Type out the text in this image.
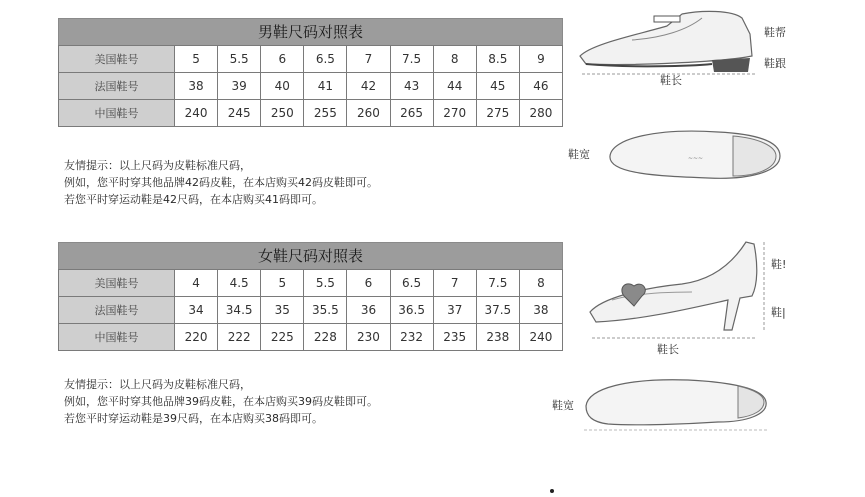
男鞋尺码对照表
美国鞋号	5	5.5	6	6.5	7	7.5	8	8.5	9
法国鞋号	38	39	40	41	42	43	44	45	46
中国鞋号	240	245	250	255	260	265	270	275	280
友情提示：以上尺码为皮鞋标准尺码，
例如，您平时穿其他品牌42码皮鞋，在本店购买42码皮鞋即可。
若您平时穿运动鞋是42尺码，在本店购买41码即可。
鞋长
鞋帮
鞋跟
~~~
鞋宽
女鞋尺码对照表
美国鞋号	4	4.5	5	5.5	6	6.5	7	7.5	8
法国鞋号	34	34.5	35	35.5	36	36.5	37	37.5	38
中国鞋号	220	222	225	228	230	232	235	238	240
友情提示：以上尺码为皮鞋标准尺码，
例如，您平时穿其他品牌39码皮鞋，在本店购买39码皮鞋即可。
若您平时穿运动鞋是39尺码，在本店购买38码即可。
鞋长
鞋!
鞋|
鞋宽
